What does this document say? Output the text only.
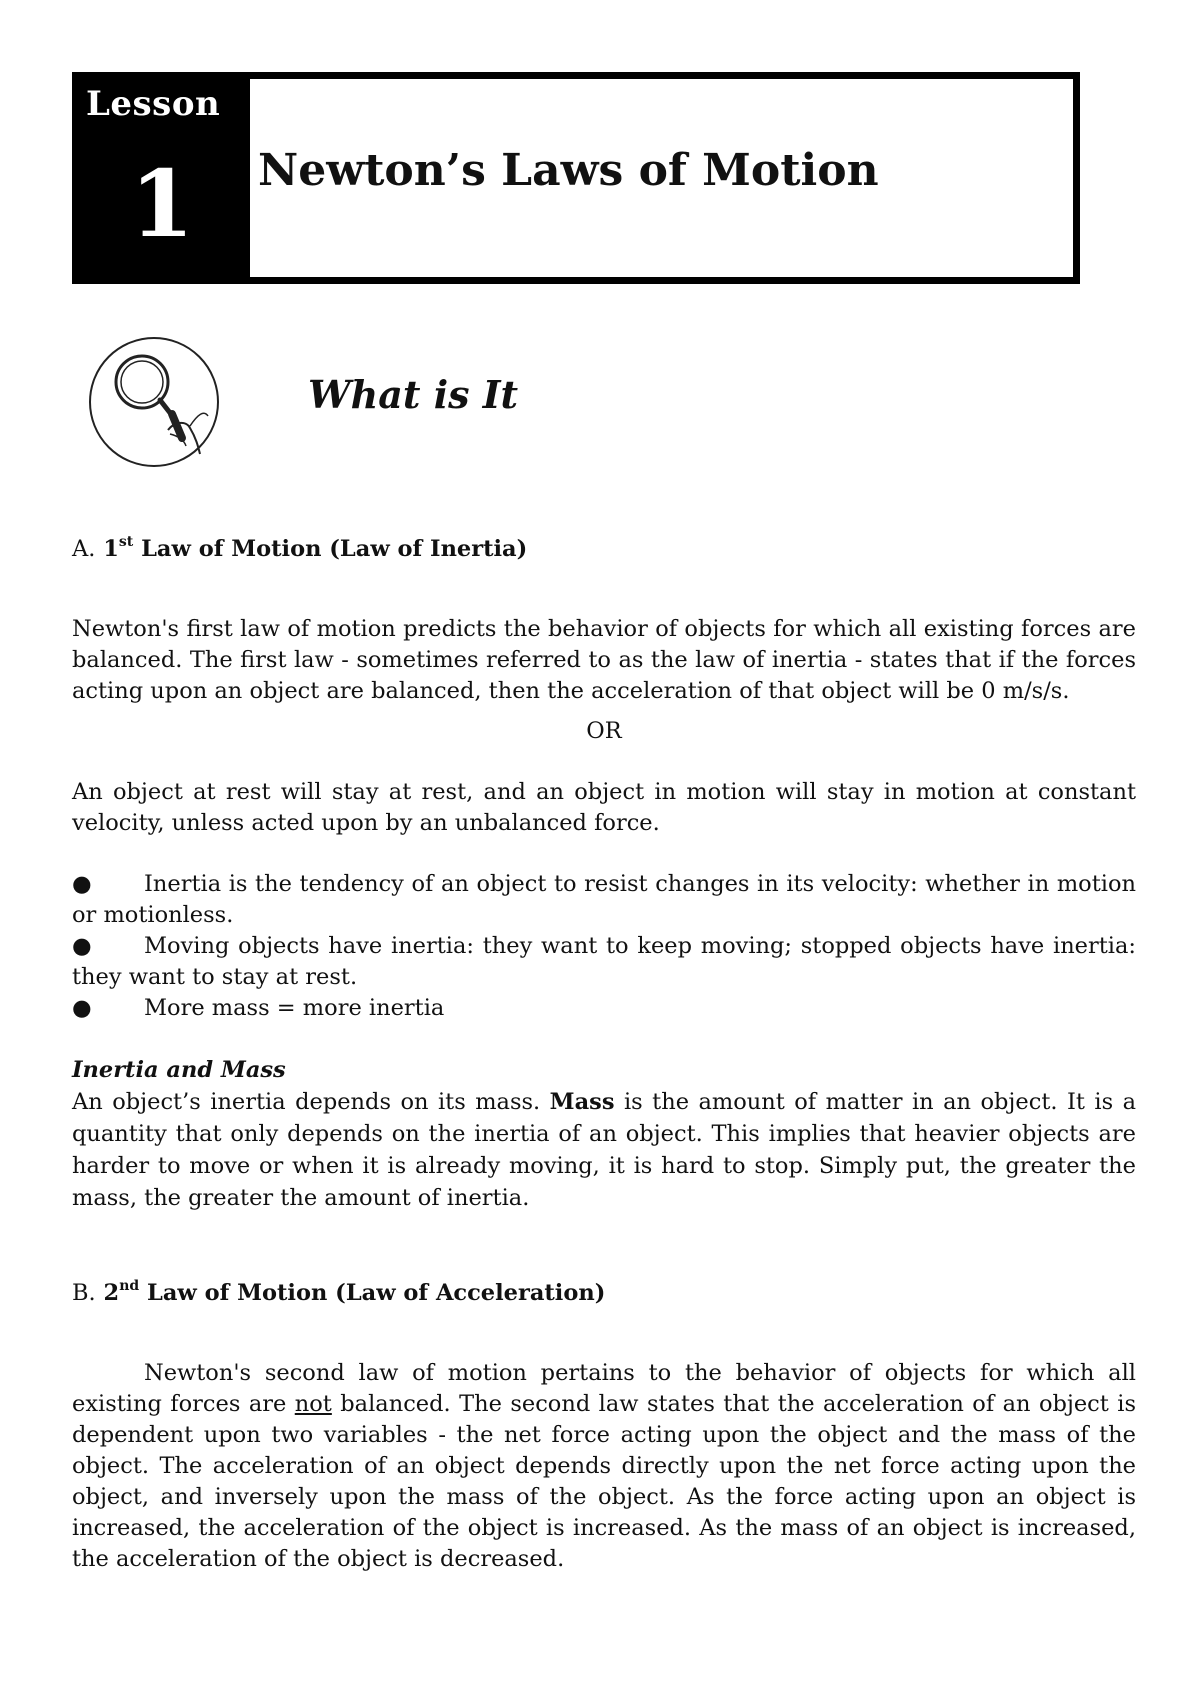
Lesson
1 Newton’s Laws of Motion
What is It

A. 1st Law of Motion (Law of Inertia)

Newton's first law of motion predicts the behavior of objects for which all existing forces are balanced. The first law - sometimes referred to as the law of inertia - states that if the forces acting upon an object are balanced, then the acceleration of that object will be 0 m/s/s.

OR

An object at rest will stay at rest, and an object in motion will stay in motion at constant velocity, unless acted upon by an unbalanced force.

● Inertia is the tendency of an object to resist changes in its velocity: whether in motion or motionless.

● Moving objects have inertia: they want to keep moving; stopped objects have inertia: they want to stay at rest.

● More mass = more inertia

Inertia and Mass

An object’s inertia depends on its mass. Mass is the amount of matter in an object. It is a quantity that only depends on the inertia of an object. This implies that heavier objects are harder to move or when it is already moving, it is hard to stop. Simply put, the greater the mass, the greater the amount of inertia.

B. 2nd Law of Motion (Law of Acceleration)

Newton's second law of motion pertains to the behavior of objects for which all existing forces are not balanced. The second law states that the acceleration of an object is dependent upon two variables - the net force acting upon the object and the mass of the object. The acceleration of an object depends directly upon the net force acting upon the object, and inversely upon the mass of the object. As the force acting upon an object is increased, the acceleration of the object is increased. As the mass of an object is increased, the acceleration of the object is decreased.
